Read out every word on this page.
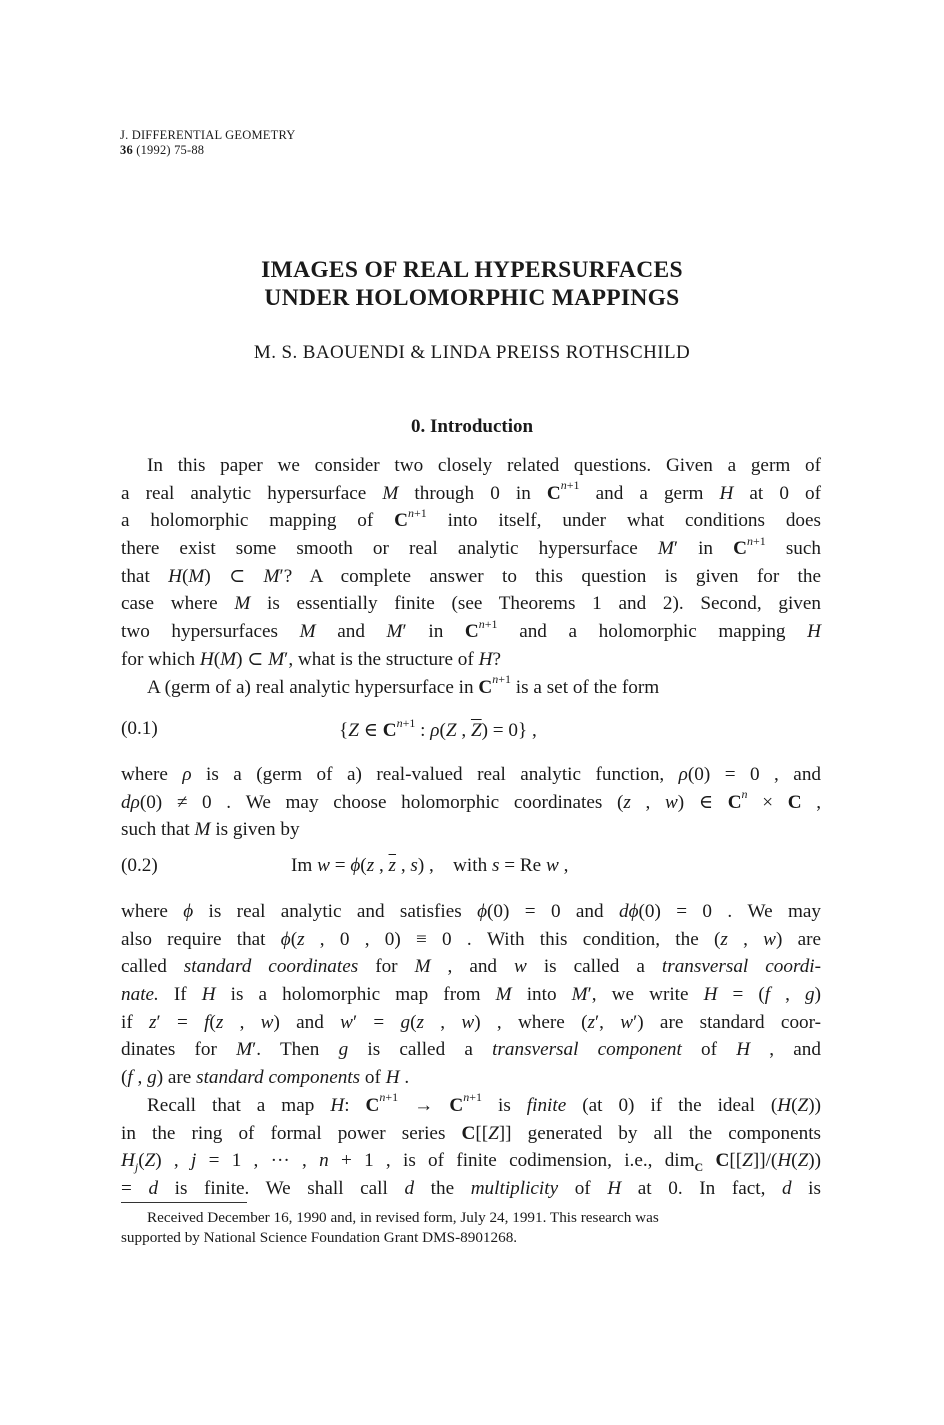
J. DIFFERENTIAL GEOMETRY
36 (1992) 75-88
IMAGES OF REAL HYPERSURFACES
UNDER HOLOMORPHIC MAPPINGS
M. S. BAOUENDI & LINDA PREISS ROTHSCHILD
0. Introduction
In this paper we consider two closely related questions. Given a germ of
a real analytic hypersurface M through 0 in $C^{n+1}$ and a germ H at 0 of
a holomorphic mapping of $C^{n+1}$ into itself, under what conditions does
there exist some smooth or real analytic hypersurface M′ in $C^{n+1}$ such
that H(M) ⊂ M′? A complete answer to this question is given for the
case where M is essentially finite (see Theorems 1 and 2). Second, given
two hypersurfaces M and M′ in $C^{n+1}$ and a holomorphic mapping H
for which H(M) ⊂ M′, what is the structure of H?
A (germ of a) real analytic hypersurface in $C^{n+1}$ is a set of the form
(0.1)	{Z ∈ $C^{n+1}$ : ρ(Z , $\overline{Z}) = 0$} ,
where ρ is a (germ of a) real-valued real analytic function, ρ(0) = 0 , and
dρ(0) ≠ 0 . We may choose holomorphic coordinates (z , w) ∈ $C^n \times C$ ,
such that M is given by
(0.2)	Im w = ϕ(z , $\overline{z}$ , s) ,    with s = Re w ,
where ϕ is real analytic and satisfies ϕ(0) = 0 and dϕ(0) = 0 . We may
also require that ϕ(z , 0 , 0) ≡ 0 . With this condition, the (z , w) are
called standard coordinates for M , and w is called a transversal coordi-
nate. If H is a holomorphic map from M into M′, we write H = (f , g)
if z′ = f(z , w) and w′ = g(z , w) , where (z′, w′) are standard coor-
dinates for M′. Then g is called a transversal component of H , and
(f , g) are standard components of H .
Recall that a map H: $C^{n+1} \to C^{n+1}$ is finite (at 0) if the ideal (H(Z))
in the ring of formal power series C[[Z]] generated by all the components
$H_j(Z)$ , j = 1 , ··· , n + 1 , is of finite codimension, i.e., dim$_C$ C[[Z]]/(H(Z))
= d is finite. We shall call d the multiplicity of H at 0. In fact, d is
Received December 16, 1990 and, in revised form, July 24, 1991. This research was
supported by National Science Foundation Grant DMS-8901268.
